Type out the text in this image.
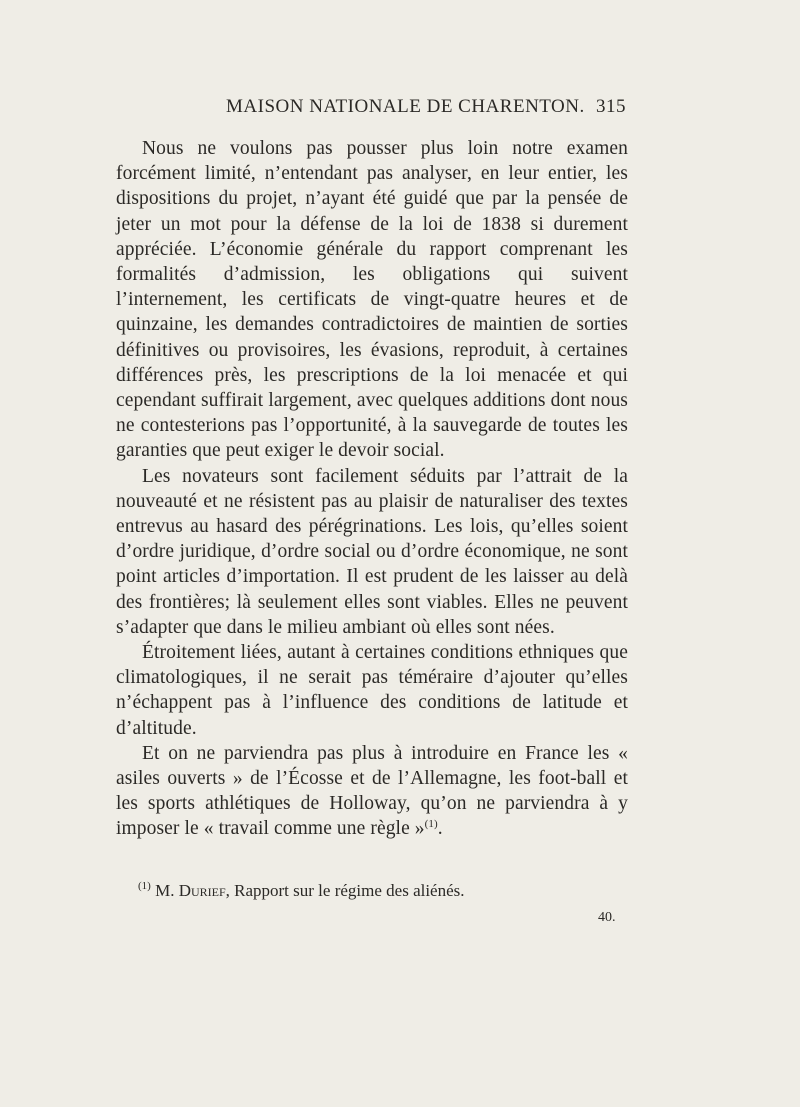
MAISON NATIONALE DE CHARENTON. 315

Nous ne voulons pas pousser plus loin notre examen forcément limité, n’entendant pas analyser, en leur entier, les dispositions du projet, n’ayant été guidé que par la pensée de jeter un mot pour la défense de la loi de 1838 si durement appréciée. L’économie générale du rapport comprenant les formalités d’admission, les obligations qui suivent l’internement, les certificats de vingt-quatre heures et de quinzaine, les demandes contradictoires de maintien de sorties définitives ou provisoires, les évasions, reproduit, à certaines différences près, les prescriptions de la loi menacée et qui cependant suffirait largement, avec quelques additions dont nous ne contesterions pas l’opportunité, à la sauvegarde de toutes les garanties que peut exiger le devoir social.

Les novateurs sont facilement séduits par l’attrait de la nouveauté et ne résistent pas au plaisir de naturaliser des textes entrevus au hasard des pérégrinations. Les lois, qu’elles soient d’ordre juridique, d’ordre social ou d’ordre économique, ne sont point articles d’importation. Il est prudent de les laisser au delà des frontières; là seulement elles sont viables. Elles ne peuvent s’adapter que dans le milieu ambiant où elles sont nées.

Étroitement liées, autant à certaines conditions ethniques que climatologiques, il ne serait pas téméraire d’ajouter qu’elles n’échappent pas à l’influence des conditions de latitude et d’altitude.

Et on ne parviendra pas plus à introduire en France les « asiles ouverts » de l’Écosse et de l’Allemagne, les foot-ball et les sports athlétiques de Holloway, qu’on ne parviendra à y imposer le « travail comme une règle »$^{(1)}$.

$^{(1)}$ M. Durief, Rapport sur le régime des aliénés.
40.
